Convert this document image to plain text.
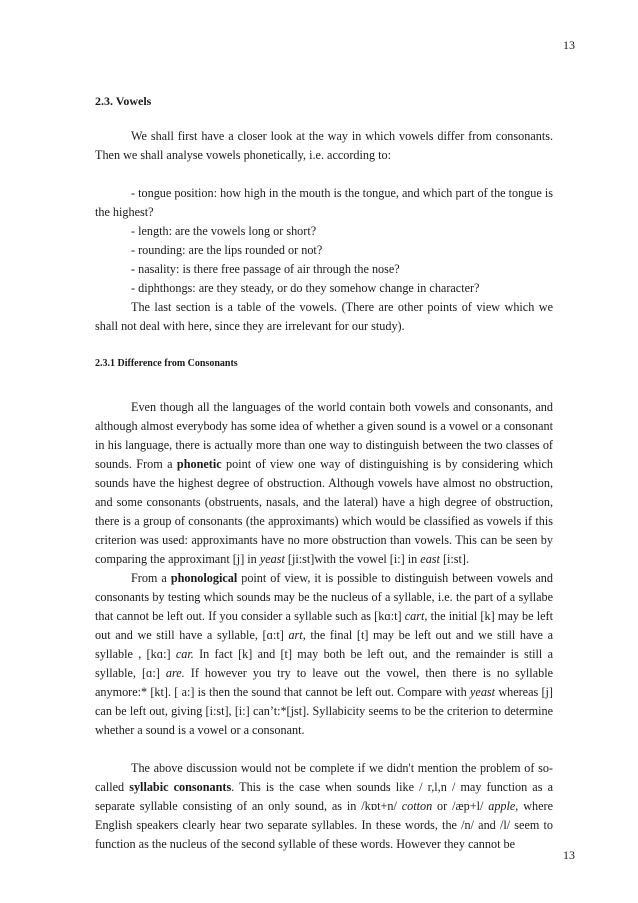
13
2.3. Vowels

We shall first have a closer look at the way in which vowels differ from consonants. Then we shall analyse vowels phonetically, i.e. according to:

- tongue position: how high in the mouth is the tongue, and which part of the tongue is the highest?

- length: are the vowels long or short?

- rounding: are the lips rounded or not?

- nasality: is there free passage of air through the nose?

- diphthongs: are they steady, or do they somehow change in character?

The last section is a table of the vowels. (There are other points of view which we shall not deal with here, since they are irrelevant for our study).

2.3.1 Difference from Consonants

Even though all the languages of the world contain both vowels and consonants, and although almost everybody has some idea of whether a given sound is a vowel or a consonant in his language, there is actually more than one way to distinguish between the two classes of sounds. From a phonetic point of view one way of distinguishing is by considering which sounds have the highest degree of obstruction. Although vowels have almost no obstruction, and some consonants (obstruents, nasals, and the lateral) have a high degree of obstruction, there is a group of consonants (the approximants) which would be classified as vowels if this criterion was used: approximants have no more obstruction than vowels. This can be seen by comparing the approximant [j] in yeast [ji:st]with the vowel [i:] in east [i:st].

From a phonological point of view, it is possible to distinguish between vowels and consonants by testing which sounds may be the nucleus of a syllable, i.e. the part of a syllabe that cannot be left out. If you consider a syllable such as [kɑ:t] cart, the initial [k] may be left out and we still have a syllable, [ɑ:t] art, the final [t] may be left out and we still have a syllable , [kɑ:] car. In fact [k] and [t] may both be left out, and the remainder is still a syllable, [ɑ:] are. If however you try to leave out the vowel, then there is no syllable anymore:* [kt]. [ a:] is then the sound that cannot be left out. Compare with yeast whereas [j] can be left out, giving [i:st], [i:] can’t:*[jst]. Syllabicity seems to be the criterion to determine whether a sound is a vowel or a consonant.

The above discussion would not be complete if we didn't mention the problem of so-called syllabic consonants. This is the case when sounds like / r,l,n / may function as a separate syllable consisting of an only sound, as in /kɒt+n/ cotton or /æp+l/ apple, where English speakers clearly hear two separate syllables. In these words, the /n/ and /l/ seem to function as the nucleus of the second syllable of these words. However they cannot be

13
